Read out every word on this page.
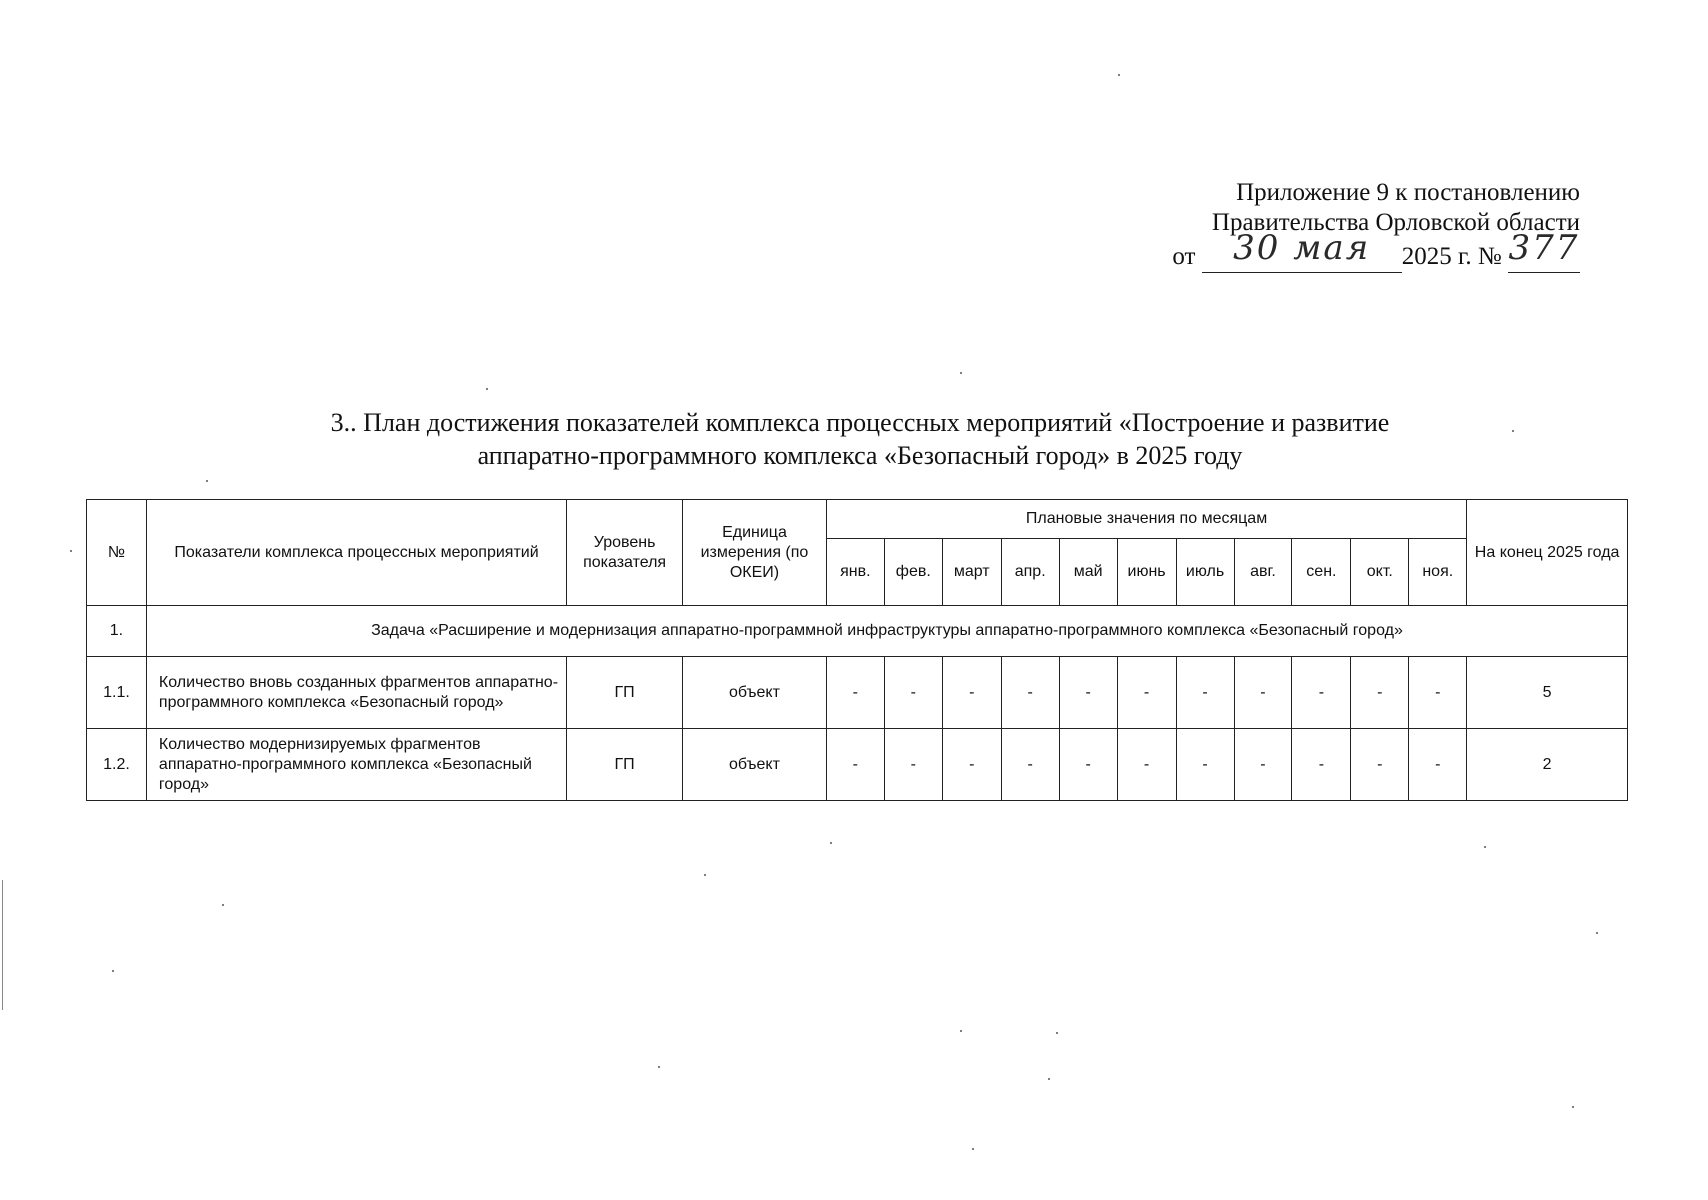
Приложение 9 к постановлению
Правительства Орловской области
от 30 мая 2025 г. № 377
3.. План достижения показателей комплекса процессных мероприятий «Построение и развитие
аппаратно-программного комплекса «Безопасный город» в 2025 году
№	Показатели комплекса процессных мероприятий	Уровень показателя	Единица измерения (по ОКЕИ)	Плановые значения по месяцам											На конец 2025 года
				янв.	фев.	март	апр.	май	июнь	июль	авг.	сен.	окт.	ноя.	
1.	Задача «Расширение и модернизация аппаратно-программной инфраструктуры аппаратно-программного комплекса «Безопасный город»														
1.1.	Количество вновь созданных фрагментов аппаратно-программного комплекса «Безопасный город»	ГП	объект	-	-	-	-	-	-	-	-	-	-	-	5
1.2.	Количество модернизируемых фрагментов аппаратно-программного комплекса «Безопасный город»	ГП	объект	-	-	-	-	-	-	-	-	-	-	-	2
